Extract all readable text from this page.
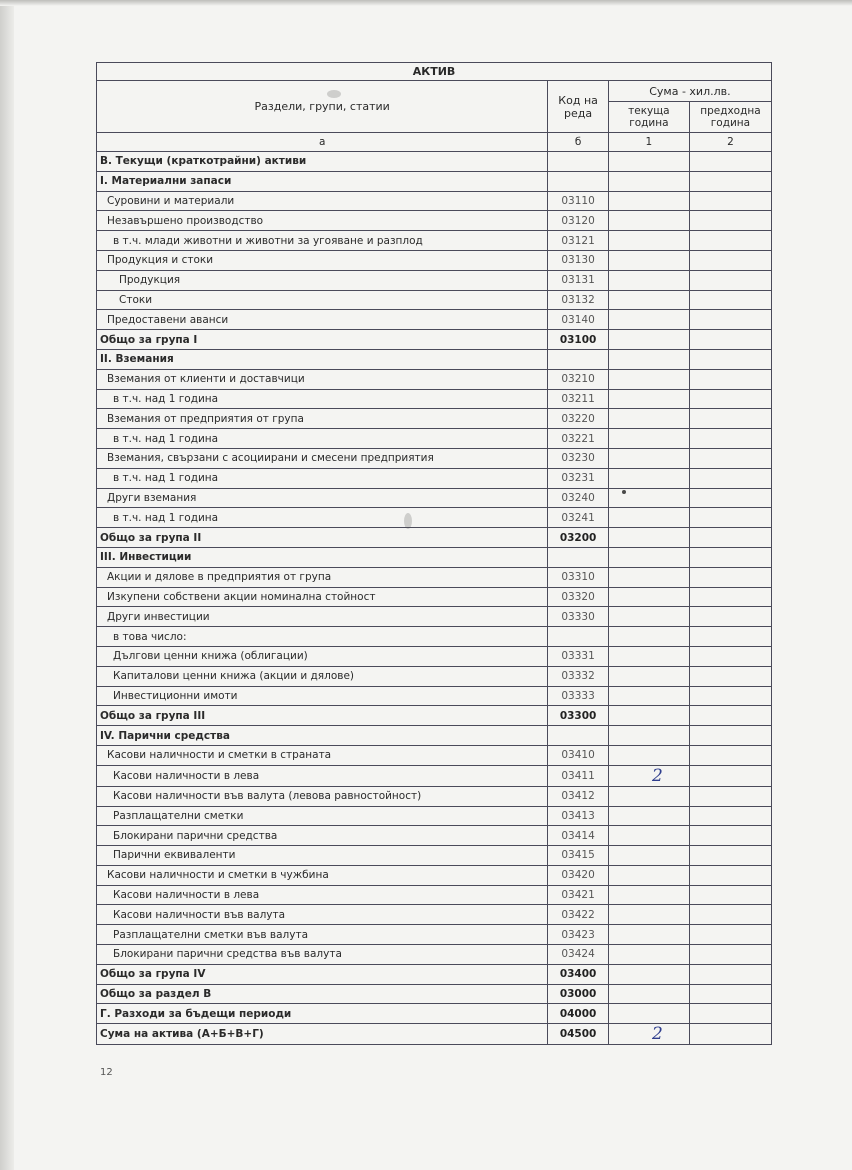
АКТИВ			
Раздели, групи, статии	Код на реда	Сума - хил.лв.	
		текуща година	предходна година
а	б	1	2
В. Текущи (краткотрайни) активи			
I. Материални запаси			
Суровини и материали	03110		
Незавършено производство	03120		
в т.ч. млади животни и животни за угояване и разплод	03121		
Продукция и стоки	03130		
Продукция	03131		
Стоки	03132		
Предоставени аванси	03140		
Общо за група I	03100		
II. Вземания			
Вземания от клиенти и доставчици	03210		
в т.ч. над 1 година	03211		
Вземания от предприятия от група	03220		
в т.ч. над 1 година	03221		
Вземания, свързани с асоциирани и смесени предприятия	03230		
в т.ч. над 1 година	03231		
Други вземания	03240		
в т.ч. над 1 година	03241		
Общо за група II	03200		
III. Инвестиции			
Акции и дялове в предприятия от група	03310		
Изкупени собствени акции номинална стойност	03320		
Други инвестиции	03330		
в това число:			
Дългови ценни книжа (облигации)	03331		
Капиталови ценни книжа (акции и дялове)	03332		
Инвестиционни имоти	03333		
Общо за група III	03300		
IV. Парични средства			
Касови наличности и сметки в страната	03410		
Касови наличности в лева	03411	2	
Касови наличности във валута (левова равностойност)	03412		
Разплащателни сметки	03413		
Блокирани парични средства	03414		
Парични еквиваленти	03415		
Касови наличности и сметки в чужбина	03420		
Касови наличности в лева	03421		
Касови наличности във валута	03422		
Разплащателни сметки във валута	03423		
Блокирани парични средства във валута	03424		
Общо за група IV	03400		
Общо за раздел В	03000		
Г. Разходи за бъдещи периоди	04000		
Сума на активa (А+Б+В+Г)	04500	2	
12
